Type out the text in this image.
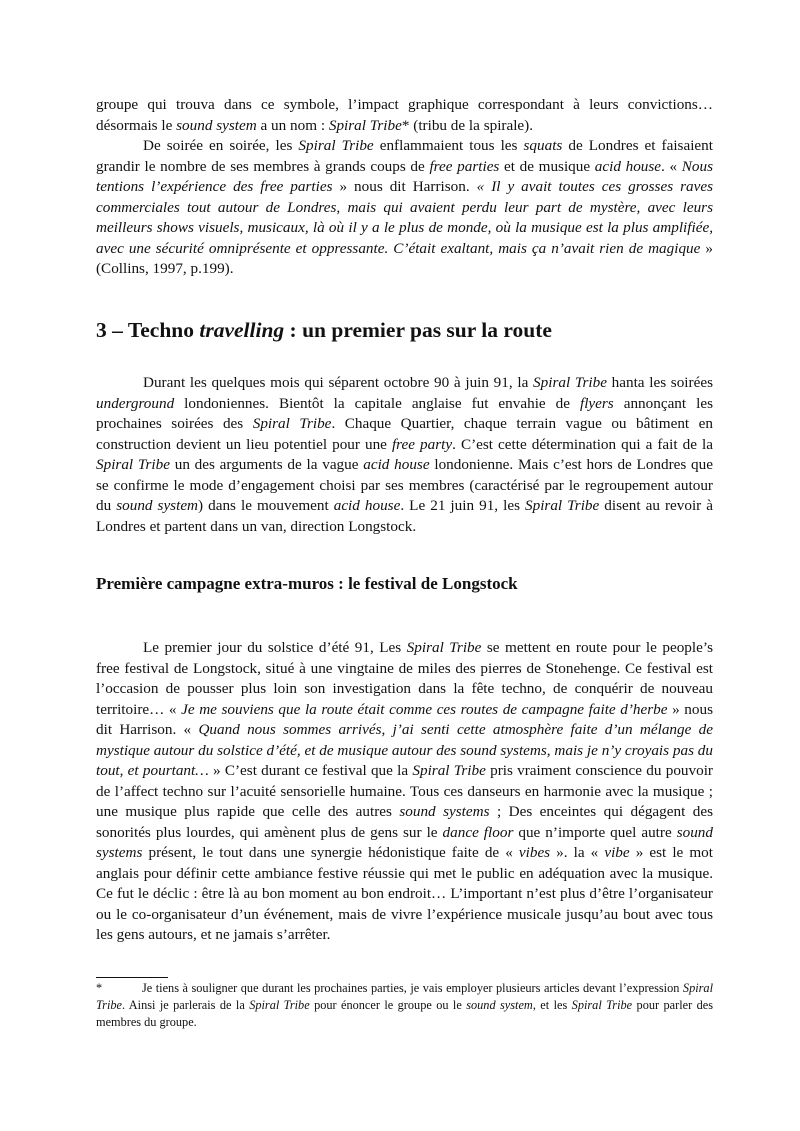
groupe qui trouva dans ce symbole, l’impact graphique correspondant à leurs convictions… désormais le sound system a un nom : Spiral Tribe* (tribu de la spirale).

De soirée en soirée, les Spiral Tribe enflammaient tous les squats de Londres et faisaient grandir le nombre de ses membres à grands coups de free parties et de musique acid house. « Nous tentions l’expérience des free parties » nous dit Harrison. « Il y avait toutes ces grosses raves commerciales tout autour de Londres, mais qui avaient perdu leur part de mystère, avec leurs meilleurs shows visuels, musicaux, là où il y a le plus de monde, où la musique est la plus amplifiée, avec une sécurité omniprésente et oppressante. C’était exaltant, mais ça n’avait rien de magique » (Collins, 1997, p.199).

3 – Techno travelling : un premier pas sur la route

Durant les quelques mois qui séparent octobre 90 à juin 91, la Spiral Tribe hanta les soirées underground londoniennes. Bientôt la capitale anglaise fut envahie de flyers annonçant les prochaines soirées des Spiral Tribe. Chaque Quartier, chaque terrain vague ou bâtiment en construction devient un lieu potentiel pour une free party. C’est cette détermination qui a fait de la Spiral Tribe un des arguments de la vague acid house londonienne. Mais c’est hors de Londres que se confirme le mode d’engagement choisi par ses membres (caractérisé par le regroupement autour du sound system) dans le mouvement acid house. Le 21 juin 91, les Spiral Tribe disent au revoir à Londres et partent dans un van, direction Longstock.

Première campagne extra-muros : le festival de Longstock

Le premier jour du solstice d’été 91, Les Spiral Tribe se mettent en route pour le people’s free festival de Longstock, situé à une vingtaine de miles des pierres de Stonehenge. Ce festival est l’occasion de pousser plus loin son investigation dans la fête techno, de conquérir de nouveau territoire… « Je me souviens que la route était comme ces routes de campagne faite d’herbe » nous dit Harrison. « Quand nous sommes arrivés, j’ai senti cette atmosphère faite d’un mélange de mystique autour du solstice d’été, et de musique autour des sound systems, mais je n’y croyais pas du tout, et pourtant… » C’est durant ce festival que la Spiral Tribe pris vraiment conscience du pouvoir de l’affect techno sur l’acuité sensorielle humaine. Tous ces danseurs en harmonie avec la musique ; une musique plus rapide que celle des autres sound systems ; Des enceintes qui dégagent des sonorités plus lourdes, qui amènent plus de gens sur le dance floor que n’importe quel autre sound systems présent, le tout dans une synergie hédonistique faite de « vibes ». la « vibe » est le mot anglais pour définir cette ambiance festive réussie qui met le public en adéquation avec la musique. Ce fut le déclic : être là au bon moment au bon endroit… L’important n’est plus d’être l’organisateur ou le co-organisateur d’un événement, mais de vivre l’expérience musicale jusqu’au bout avec tous les gens autours, et ne jamais s’arrêter.

*	Je tiens à souligner que durant les prochaines parties, je vais employer plusieurs articles devant l’expression Spiral Tribe. Ainsi je parlerais de la Spiral Tribe pour énoncer le groupe ou le sound system, et les Spiral Tribe pour parler des membres du groupe.
